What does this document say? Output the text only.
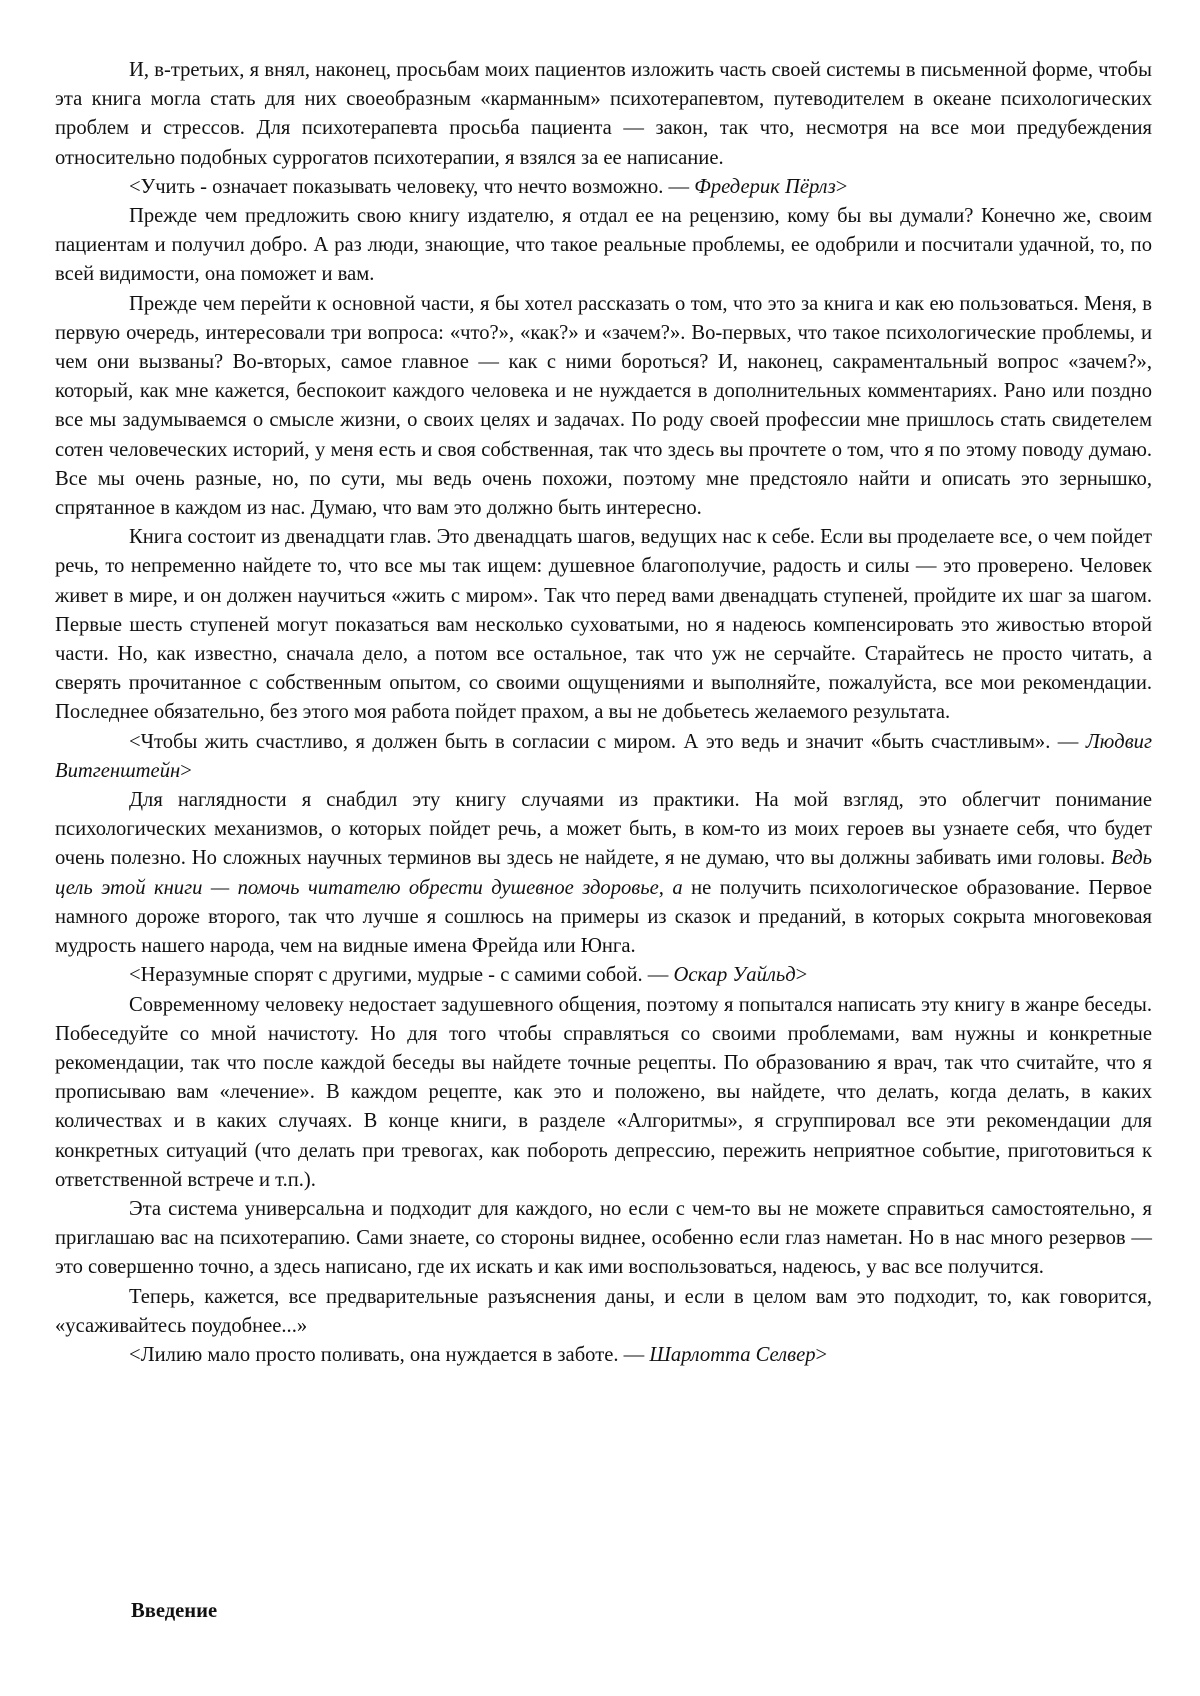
И, в-третьих, я внял, наконец, просьбам моих пациентов изложить часть своей системы в письменной форме, чтобы эта книга могла стать для них своеобразным «карманным» психотерапевтом, путеводителем в океане психологических проблем и стрессов. Для психотерапевта просьба пациента — закон, так что, несмотря на все мои предубеждения относительно подобных суррогатов психотерапии, я взялся за ее написание.

<Учить - означает показывать человеку, что нечто возможно. — Фредерик Пёрлз>

Прежде чем предложить свою книгу издателю, я отдал ее на рецензию, кому бы вы думали? Конечно же, своим пациентам и получил добро. А раз люди, знающие, что такое реальные проблемы, ее одобрили и посчитали удачной, то, по всей видимости, она поможет и вам.

Прежде чем перейти к основной части, я бы хотел рассказать о том, что это за книга и как ею пользоваться. Меня, в первую очередь, интересовали три вопроса: «что?», «как?» и «зачем?». Во-первых, что такое психологические проблемы, и чем они вызваны? Во-вторых, самое главное — как с ними бороться? И, наконец, сакраментальный вопрос «зачем?», который, как мне кажется, беспокоит каждого человека и не нуждается в дополнительных комментариях. Рано или поздно все мы задумываемся о смысле жизни, о своих целях и задачах. По роду своей профессии мне пришлось стать свидетелем сотен человеческих историй, у меня есть и своя собственная, так что здесь вы прочтете о том, что я по этому поводу думаю. Все мы очень разные, но, по сути, мы ведь очень похожи, поэтому мне предстояло найти и описать это зернышко, спрятанное в каждом из нас. Думаю, что вам это должно быть интересно.

Книга состоит из двенадцати глав. Это двенадцать шагов, ведущих нас к себе. Если вы проделаете все, о чем пойдет речь, то непременно найдете то, что все мы так ищем: душевное благополучие, радость и силы — это проверено. Человек живет в мире, и он должен научиться «жить с миром». Так что перед вами двенадцать ступеней, пройдите их шаг за шагом. Первые шесть ступеней могут показаться вам несколько суховатыми, но я надеюсь компенсировать это живостью второй части. Но, как известно, сначала дело, а потом все остальное, так что уж не серчайте. Старайтесь не просто читать, а сверять прочитанное с собственным опытом, со своими ощущениями и выполняйте, пожалуйста, все мои рекомендации. Последнее обязательно, без этого моя работа пойдет прахом, а вы не добьетесь желаемого результата.

<Чтобы жить счастливо, я должен быть в согласии с миром. А это ведь и значит «быть счастливым». — Людвиг Витгенштейн>

Для наглядности я снабдил эту книгу случаями из практики. На мой взгляд, это облегчит понимание психологических механизмов, о которых пойдет речь, а может быть, в ком-то из моих героев вы узнаете себя, что будет очень полезно. Но сложных научных терминов вы здесь не найдете, я не думаю, что вы должны забивать ими головы. Ведь цель этой книги — помочь читателю обрести душевное здоровье, а не получить психологическое образование. Первое намного дороже второго, так что лучше я сошлюсь на примеры из сказок и преданий, в которых сокрыта многовековая мудрость нашего народа, чем на видные имена Фрейда или Юнга.

<Неразумные спорят с другими, мудрые - с самими собой. — Оскар Уайльд>

Современному человеку недостает задушевного общения, поэтому я попытался написать эту книгу в жанре беседы. Побеседуйте со мной начистоту. Но для того чтобы справляться со своими проблемами, вам нужны и конкретные рекомендации, так что после каждой беседы вы найдете точные рецепты. По образованию я врач, так что считайте, что я прописываю вам «лечение». В каждом рецепте, как это и положено, вы найдете, что делать, когда делать, в каких количествах и в каких случаях. В конце книги, в разделе «Алгоритмы», я сгруппировал все эти рекомендации для конкретных ситуаций (что делать при тревогах, как побороть депрессию, пережить неприятное событие, приготовиться к ответственной встрече и т.п.).

Эта система универсальна и подходит для каждого, но если с чем-то вы не можете справиться самостоятельно, я приглашаю вас на психотерапию. Сами знаете, со стороны виднее, особенно если глаз наметан. Но в нас много резервов — это совершенно точно, а здесь написано, где их искать и как ими воспользоваться, надеюсь, у вас все получится.

Теперь, кажется, все предварительные разъяснения даны, и если в целом вам это подходит, то, как говорится, «усаживайтесь поудобнее...»

<Лилию мало просто поливать, она нуждается в заботе. — Шарлотта Селвер>

Введение
